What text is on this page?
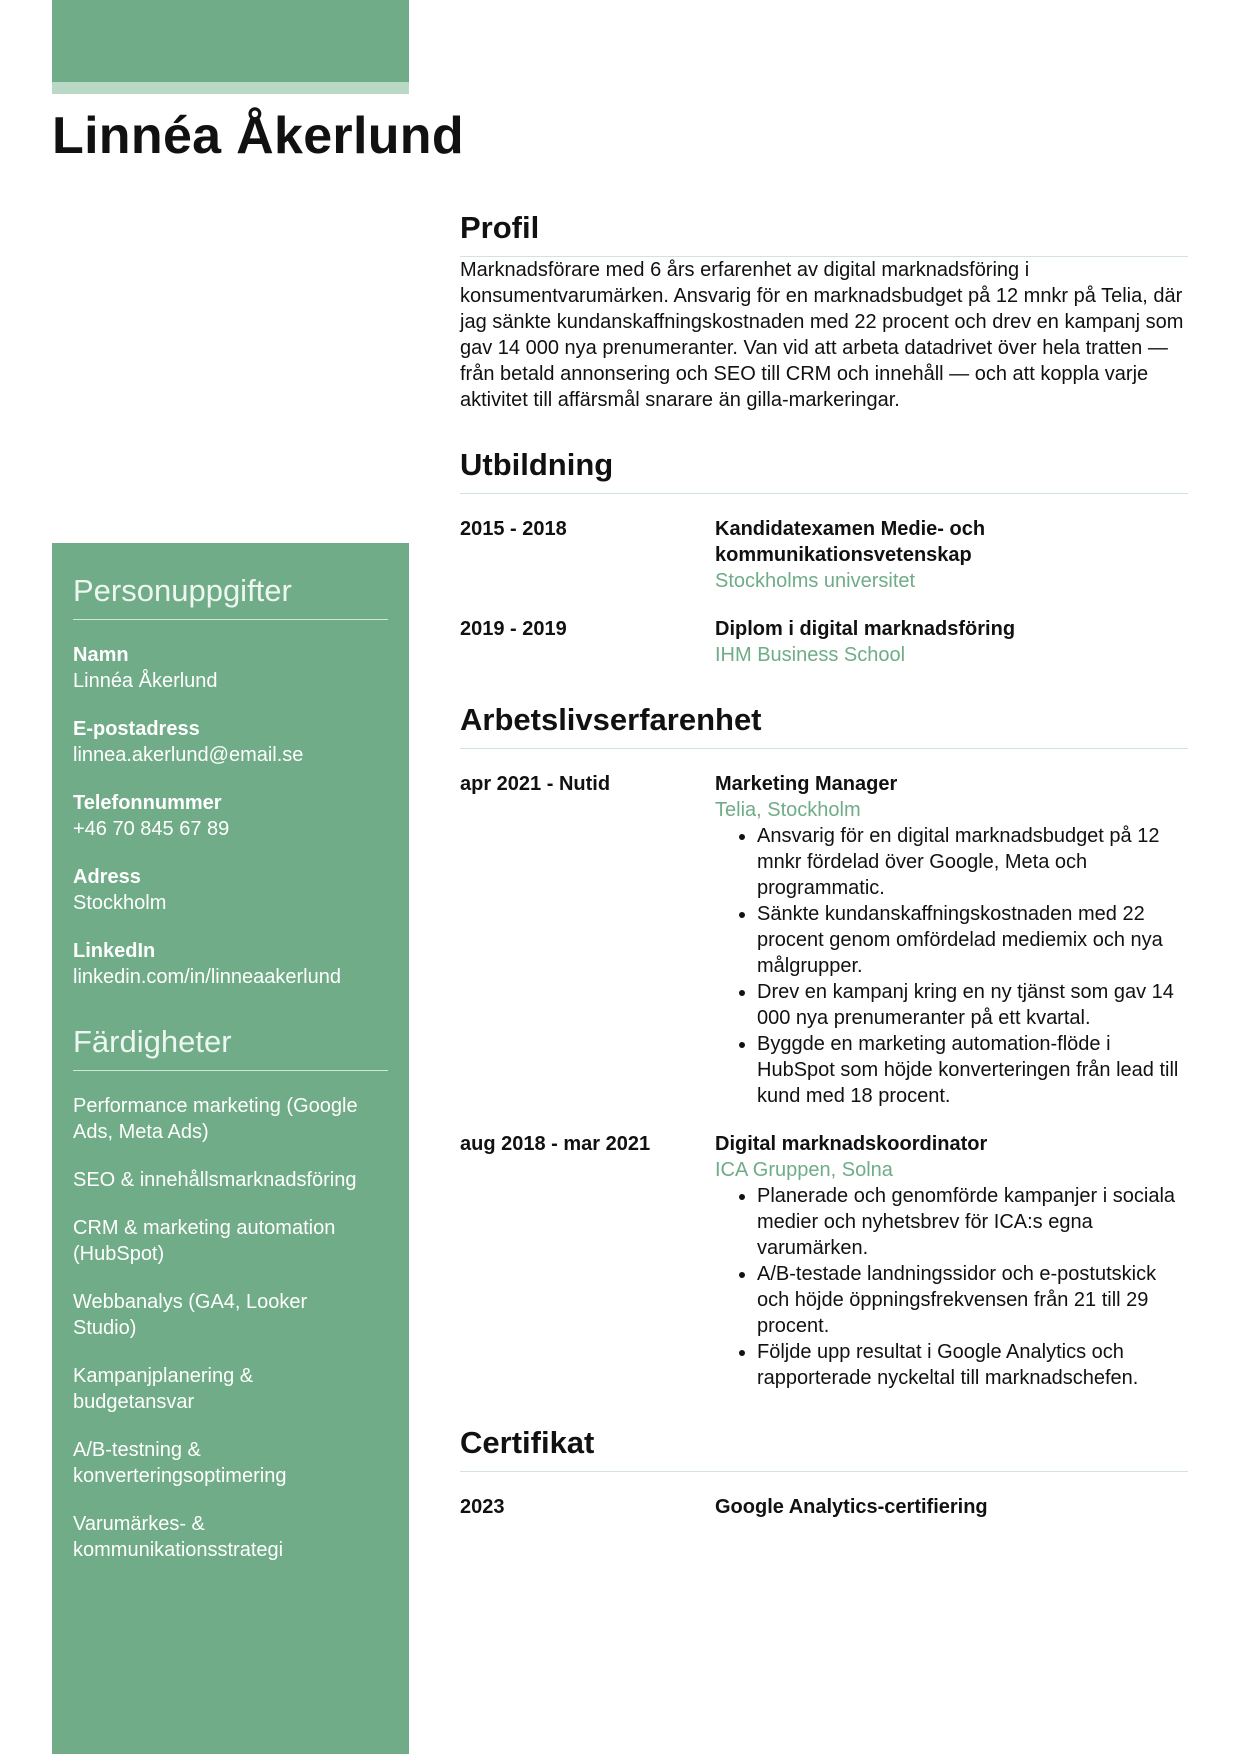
Linnéa Åkerlund
Personuppgifter
Namn
Linnéa Åkerlund
E-postadress
linnea.akerlund@email.se
Telefonnummer
+46 70 845 67 89
Adress
Stockholm
LinkedIn
linkedin.com/in/linneaakerlund
Färdigheter
Performance marketing (Google Ads, Meta Ads)
SEO & innehållsmarknadsföring
CRM & marketing automation (HubSpot)
Webbanalys (GA4, Looker Studio)
Kampanjplanering & budgetansvar
A/B-testning & konverteringsoptimering
Varumärkes- & kommunikationsstrategi
Profil

Marknadsförare med 6 års erfarenhet av digital marknadsföring i konsumentvarumärken. Ansvarig för en marknadsbudget på 12 mnkr på Telia, där jag sänkte kundanskaffningskostnaden med 22 procent och drev en kampanj som gav 14 000 nya prenumeranter. Van vid att arbeta datadrivet över hela tratten — från betald annonsering och SEO till CRM och innehåll — och att koppla varje aktivitet till affärsmål snarare än gilla-markeringar.

Utbildning
2015 - 2018	Kandidatexamen Medie- och kommunikationsvetenskap
Stockholms universitet
2019 - 2019	Diplom i digital marknadsföring
IHM Business School
Arbetslivserfarenhet
apr 2021 - Nutid	Marketing Manager
Telia, Stockholm
• Ansvarig för en digital marknadsbudget på 12 mnkr fördelad över Google, Meta och programmatic.
• Sänkte kundanskaffningskostnaden med 22 procent genom omfördelad mediemix och nya målgrupper.
• Drev en kampanj kring en ny tjänst som gav 14 000 nya prenumeranter på ett kvartal.
• Byggde en marketing automation-flöde i HubSpot som höjde konverteringen från lead till kund med 18 procent.
aug 2018 - mar 2021	Digital marknadskoordinator
ICA Gruppen, Solna
• Planerade och genomförde kampanjer i sociala medier och nyhetsbrev för ICA:s egna varumärken.
• A/B-testade landningssidor och e-postutskick och höjde öppningsfrekvensen från 21 till 29 procent.
• Följde upp resultat i Google Analytics och rapporterade nyckeltal till marknadschefen.
Certifikat
2023	Google Analytics-certifiering
